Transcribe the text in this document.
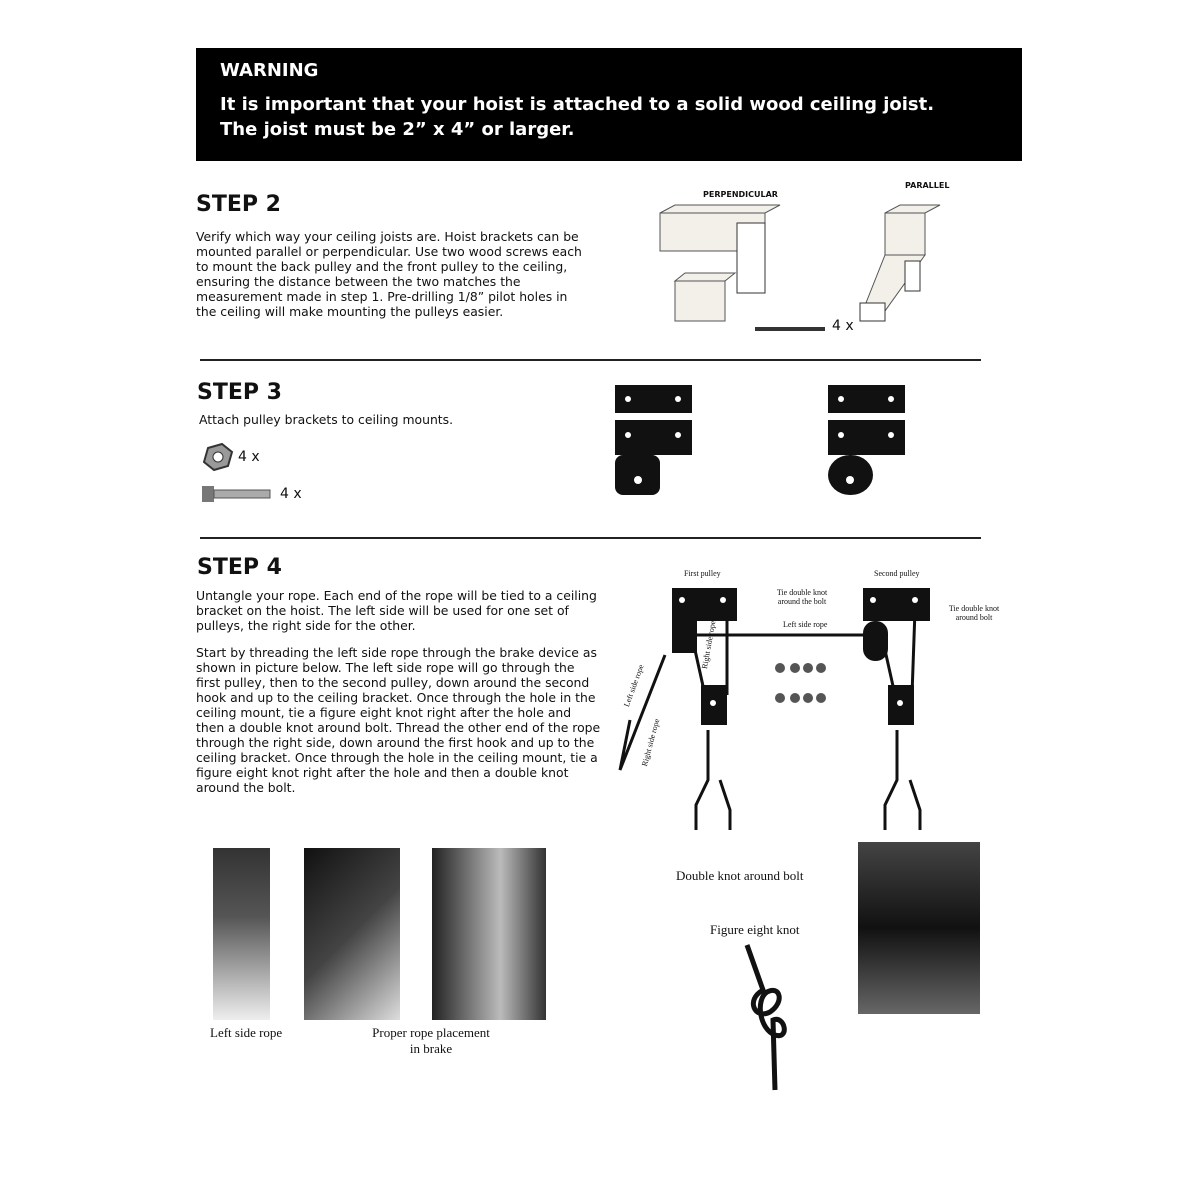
WARNING
It is important that your hoist is attached to a solid wood ceiling joist.
The joist must be 2” x 4” or larger.
STEP 2
Verify which way your ceiling joists are. Hoist brackets can be mounted parallel or perpendicular. Use two wood screws each to mount the back pulley and the front pulley to the ceiling, ensuring the distance between the two matches the measurement made in step 1. Pre-drilling 1/8” pilot holes in the ceiling will make mounting the pulleys easier.
PERPENDICULAR
PARALLEL
4 x
STEP 3
Attach pulley brackets to ceiling mounts.
4 x
4 x
STEP 4
Untangle your rope. Each end of the rope will be tied to a ceiling bracket on the hoist. The left side will be used for one set of pulleys, the right side for the other.
Start by threading the left side rope through the brake device as shown in picture below. The left side rope will go through the first pulley, then to the second pulley, down around the second hook and up to the ceiling bracket. Once through the hole in the ceiling mount, tie a figure eight knot right after the hole and then a double knot around bolt. Thread the other end of the rope through the right side, down around the first hook and up to the ceiling bracket. Once through the hole in the ceiling mount, tie a figure eight knot right after the hole and then a double knot around the bolt.
First pulley	Second pulley
Tie double knot around the bolt
Tie double knot around bolt
Left side rope
Right side rope
Left side rope
Right side rope
Left side rope	Proper rope placement in brake
Double knot around bolt
Figure eight knot
